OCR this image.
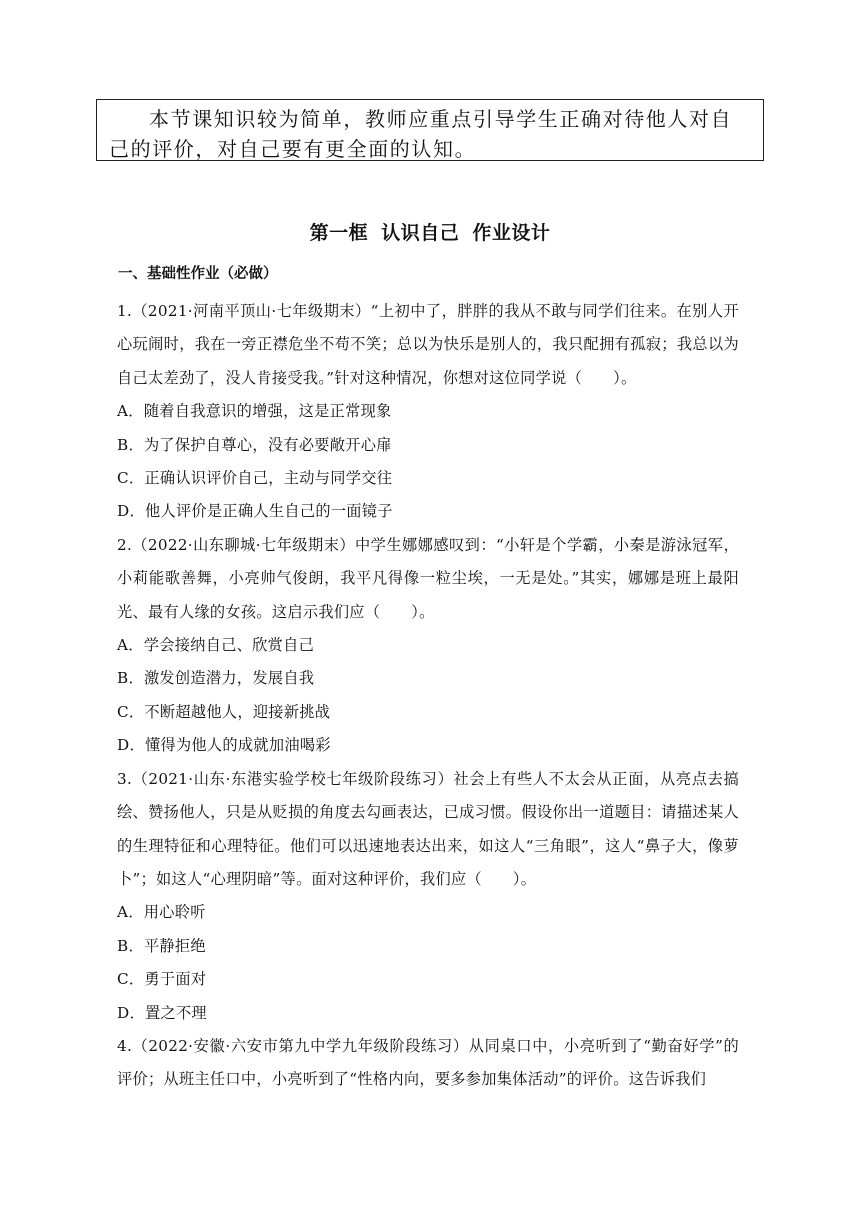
本节课知识较为简单，教师应重点引导学生正确对待他人对自己的评价，对自己要有更全面的认知。

第一框 认识自己 作业设计
一、基础性作业（必做）

1.（2021·河南平顶山·七年级期末）“上初中了，胖胖的我从不敢与同学们往来。在别人开心玩闹时，我在一旁正襟危坐不苟不笑；总以为快乐是别人的，我只配拥有孤寂；我总以为自己太差劲了，没人肯接受我。”针对这种情况，你想对这位同学说（　　）。

A．随着自我意识的增强，这是正常现象

B．为了保护自尊心，没有必要敞开心扉

C．正确认识评价自己，主动与同学交往

D．他人评价是正确人生自己的一面镜子

2.（2022·山东聊城·七年级期末）中学生娜娜感叹到：“小轩是个学霸，小秦是游泳冠军，小莉能歌善舞，小亮帅气俊朗，我平凡得像一粒尘埃，一无是处。”其实，娜娜是班上最阳光、最有人缘的女孩。这启示我们应（　　）。

A．学会接纳自己、欣赏自己

B．激发创造潜力，发展自我

C．不断超越他人，迎接新挑战

D．懂得为他人的成就加油喝彩

3.（2021·山东·东港实验学校七年级阶段练习）社会上有些人不太会从正面，从亮点去搞绘、赞扬他人，只是从贬损的角度去勾画表达，已成习惯。假设你出一道题目：请描述某人的生理特征和心理特征。他们可以迅速地表达出来，如这人“三角眼”，这人“鼻子大，像萝卜”；如这人“心理阴暗”等。面对这种评价，我们应（　　）。

A．用心聆听

B．平静拒绝

C．勇于面对

D．置之不理

4.（2022·安徽·六安市第九中学九年级阶段练习）从同桌口中，小亮听到了“勤奋好学”的评价；从班主任口中，小亮听到了“性格内向，要多参加集体活动”的评价。这告诉我们
